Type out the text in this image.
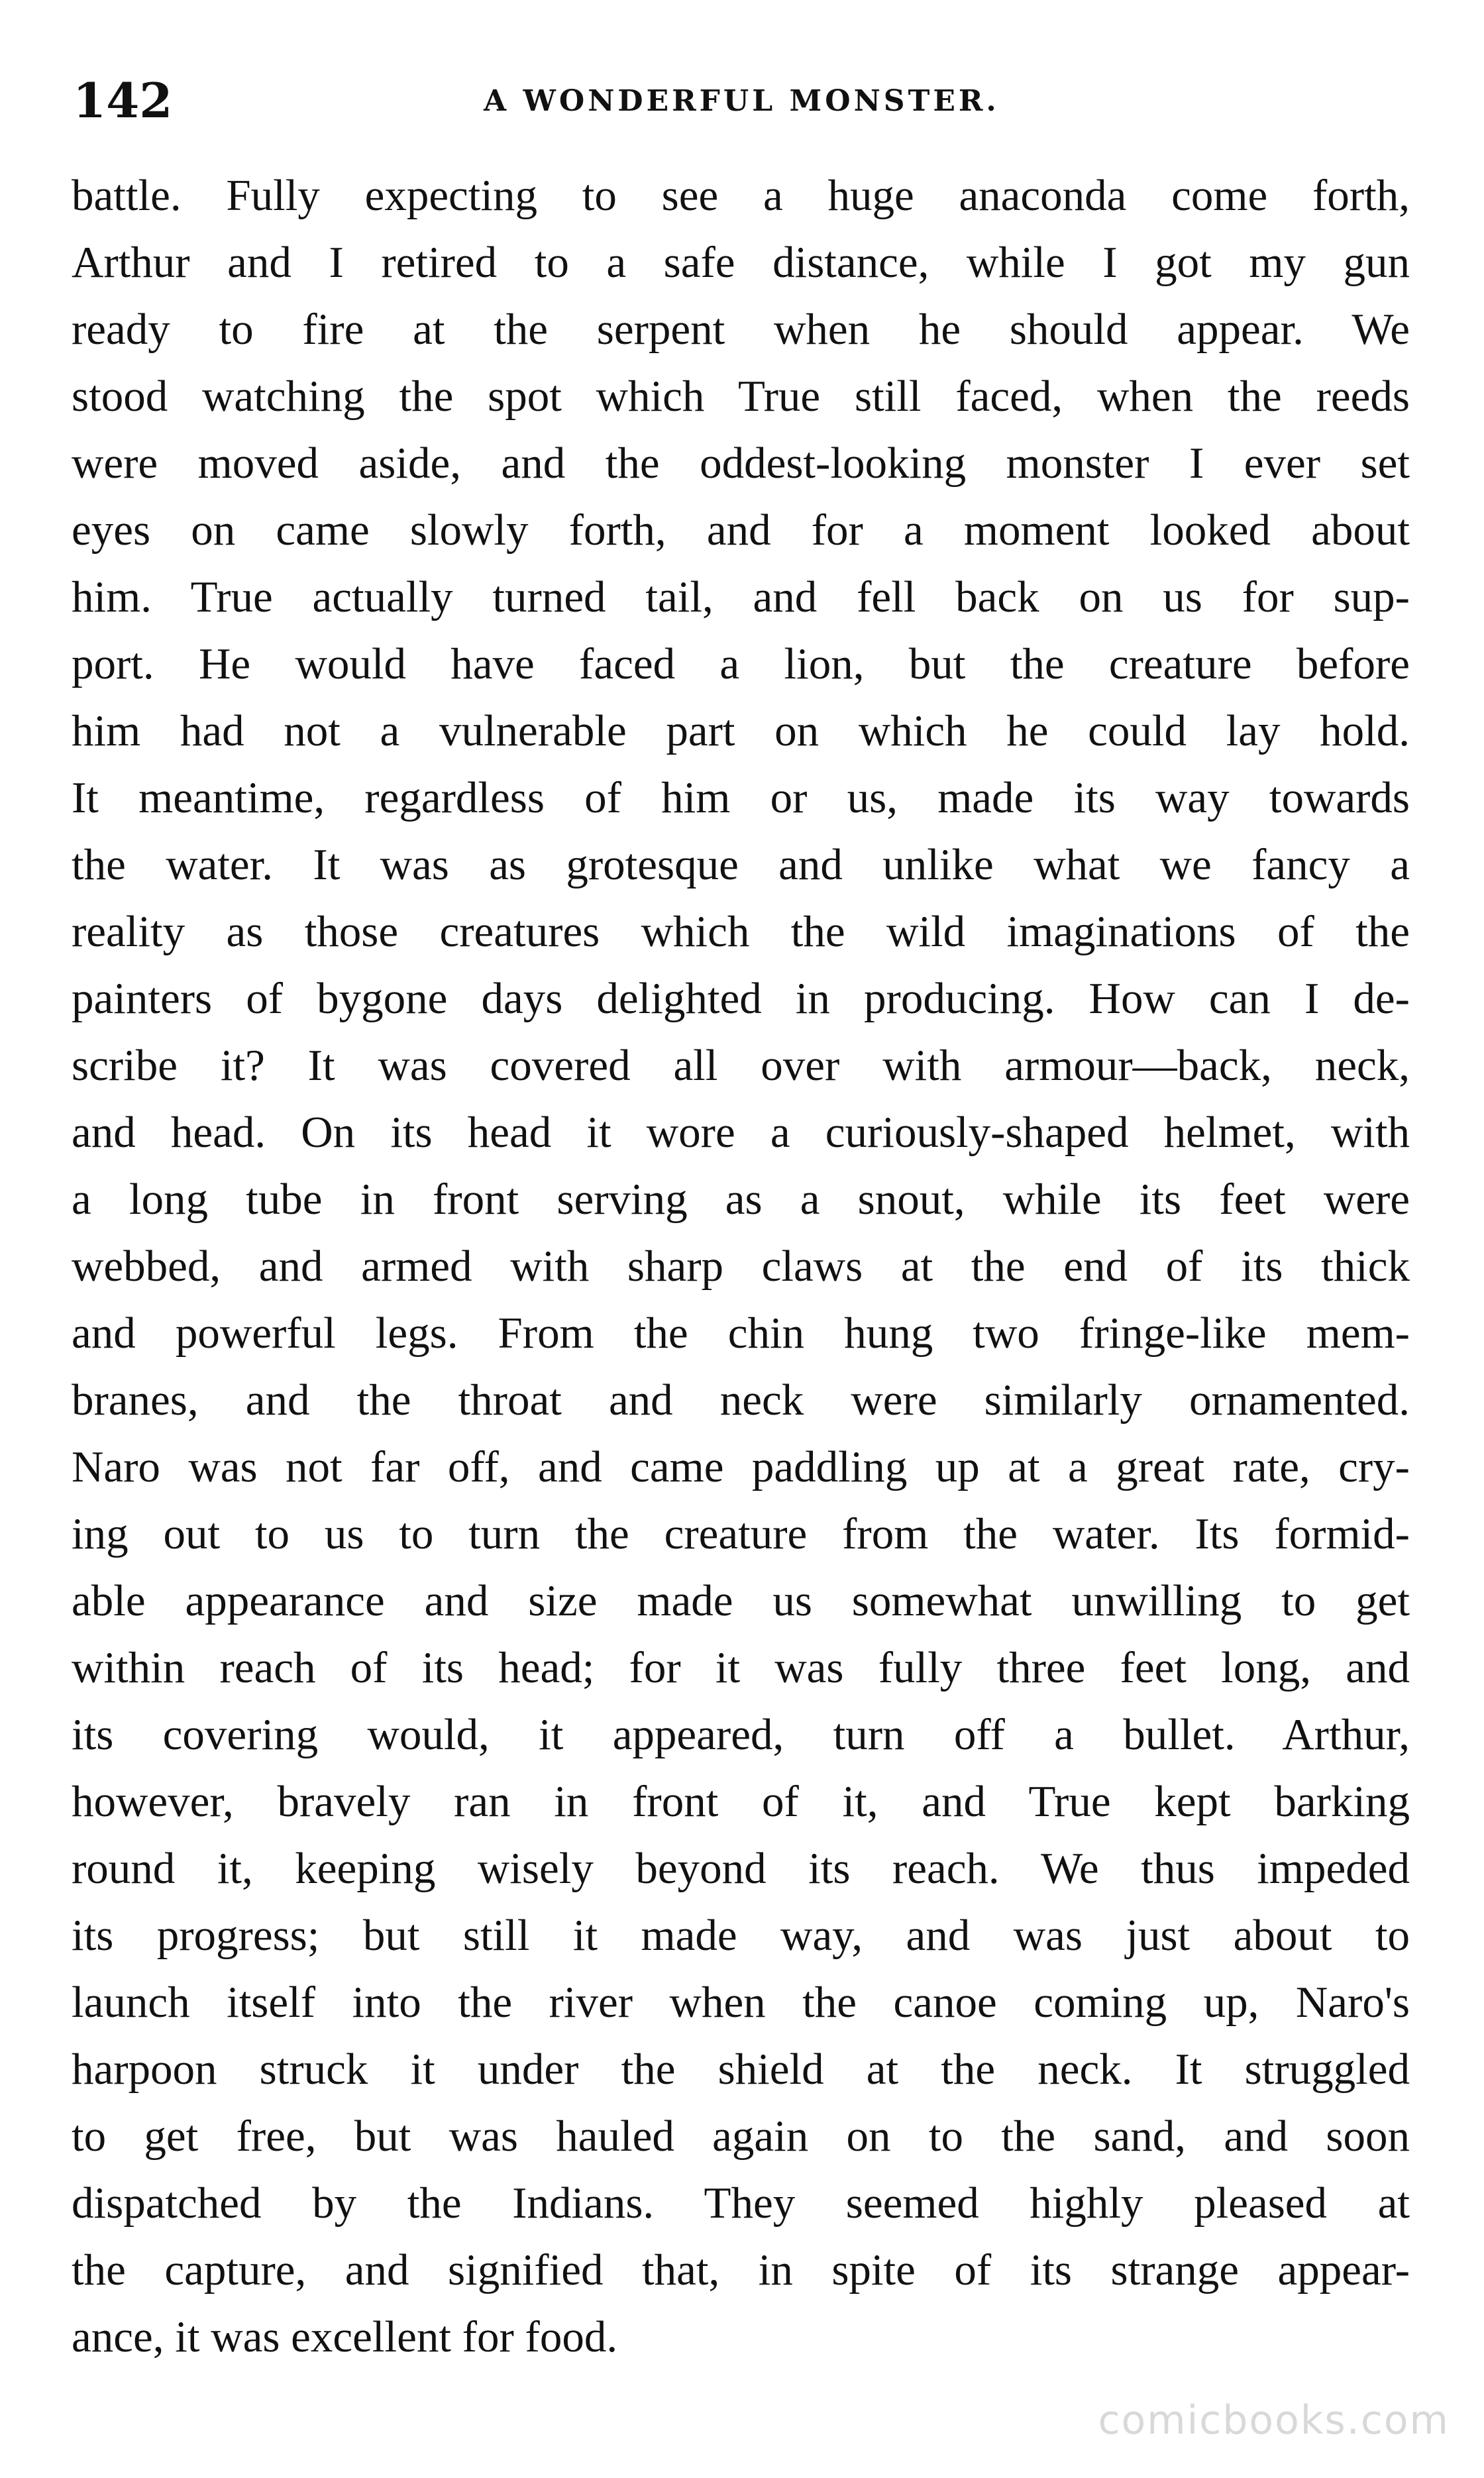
142	A WONDERFUL MONSTER.
battle. Fully expecting to see a huge anaconda come forth,
Arthur and I retired to a safe distance, while I got my gun
ready to fire at the serpent when he should appear. We
stood watching the spot which True still faced, when the reeds
were moved aside, and the oddest-looking monster I ever set
eyes on came slowly forth, and for a moment looked about
him. True actually turned tail, and fell back on us for sup-
port. He would have faced a lion, but the creature before
him had not a vulnerable part on which he could lay hold.
It meantime, regardless of him or us, made its way towards
the water. It was as grotesque and unlike what we fancy a
reality as those creatures which the wild imaginations of the
painters of bygone days delighted in producing. How can I de-
scribe it? It was covered all over with armour—back, neck,
and head. On its head it wore a curiously-shaped helmet, with
a long tube in front serving as a snout, while its feet were
webbed, and armed with sharp claws at the end of its thick
and powerful legs. From the chin hung two fringe-like mem-
branes, and the throat and neck were similarly ornamented.
Naro was not far off, and came paddling up at a great rate, cry-
ing out to us to turn the creature from the water. Its formid-
able appearance and size made us somewhat unwilling to get
within reach of its head; for it was fully three feet long, and
its covering would, it appeared, turn off a bullet. Arthur,
however, bravely ran in front of it, and True kept barking
round it, keeping wisely beyond its reach. We thus impeded
its progress; but still it made way, and was just about to
launch itself into the river when the canoe coming up, Naro's
harpoon struck it under the shield at the neck. It struggled
to get free, but was hauled again on to the sand, and soon
dispatched by the Indians. They seemed highly pleased at
the capture, and signified that, in spite of its strange appear-
ance, it was excellent for food.
comicbooks.com
